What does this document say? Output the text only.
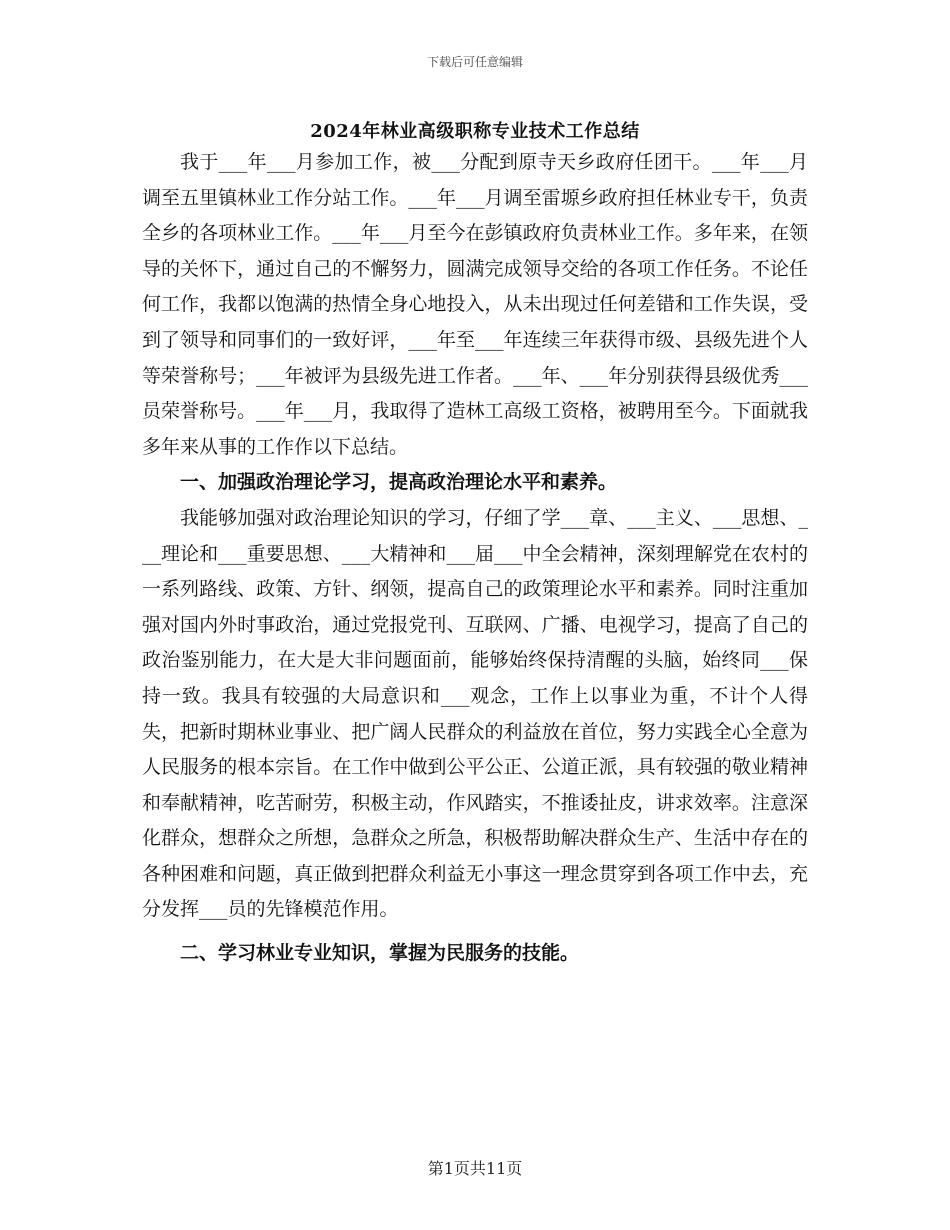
下载后可任意编辑
2024年林业高级职称专业技术工作总结

我于___年___月参加工作，被___分配到原寺天乡政府任团干。___年___月调至五里镇林业工作分站工作。___年___月调至雷塬乡政府担任林业专干，负责全乡的各项林业工作。___年___月至今在彭镇政府负责林业工作。多年来，在领导的关怀下，通过自己的不懈努力，圆满完成领导交给的各项工作任务。不论任何工作，我都以饱满的热情全身心地投入，从未出现过任何差错和工作失误，受到了领导和同事们的一致好评，___年至___年连续三年获得市级、县级先进个人等荣誉称号；___年被评为县级先进工作者。___年、___年分别获得县级优秀___员荣誉称号。___年___月，我取得了造林工高级工资格，被聘用至今。下面就我多年来从事的工作作以下总结。

一、加强政治理论学习，提高政治理论水平和素养。

我能够加强对政治理论知识的学习，仔细了学___章、___主义、___思想、___理论和___重要思想、___大精神和___届___中全会精神，深刻理解党在农村的一系列路线、政策、方针、纲领，提高自己的政策理论水平和素养。同时注重加强对国内外时事政治，通过党报党刊、互联网、广播、电视学习，提高了自己的政治鉴别能力，在大是大非问题面前，能够始终保持清醒的头脑，始终同___保持一致。我具有较强的大局意识和___观念，工作上以事业为重，不计个人得失，把新时期林业事业、把广阔人民群众的利益放在首位，努力实践全心全意为人民服务的根本宗旨。在工作中做到公平公正、公道正派，具有较强的敬业精神和奉献精神，吃苦耐劳，积极主动，作风踏实，不推诿扯皮，讲求效率。注意深化群众，想群众之所想，急群众之所急，积极帮助解决群众生产、生活中存在的各种困难和问题，真正做到把群众利益无小事这一理念贯穿到各项工作中去，充分发挥___员的先锋模范作用。

二、学习林业专业知识，掌握为民服务的技能。
第1页共11页
